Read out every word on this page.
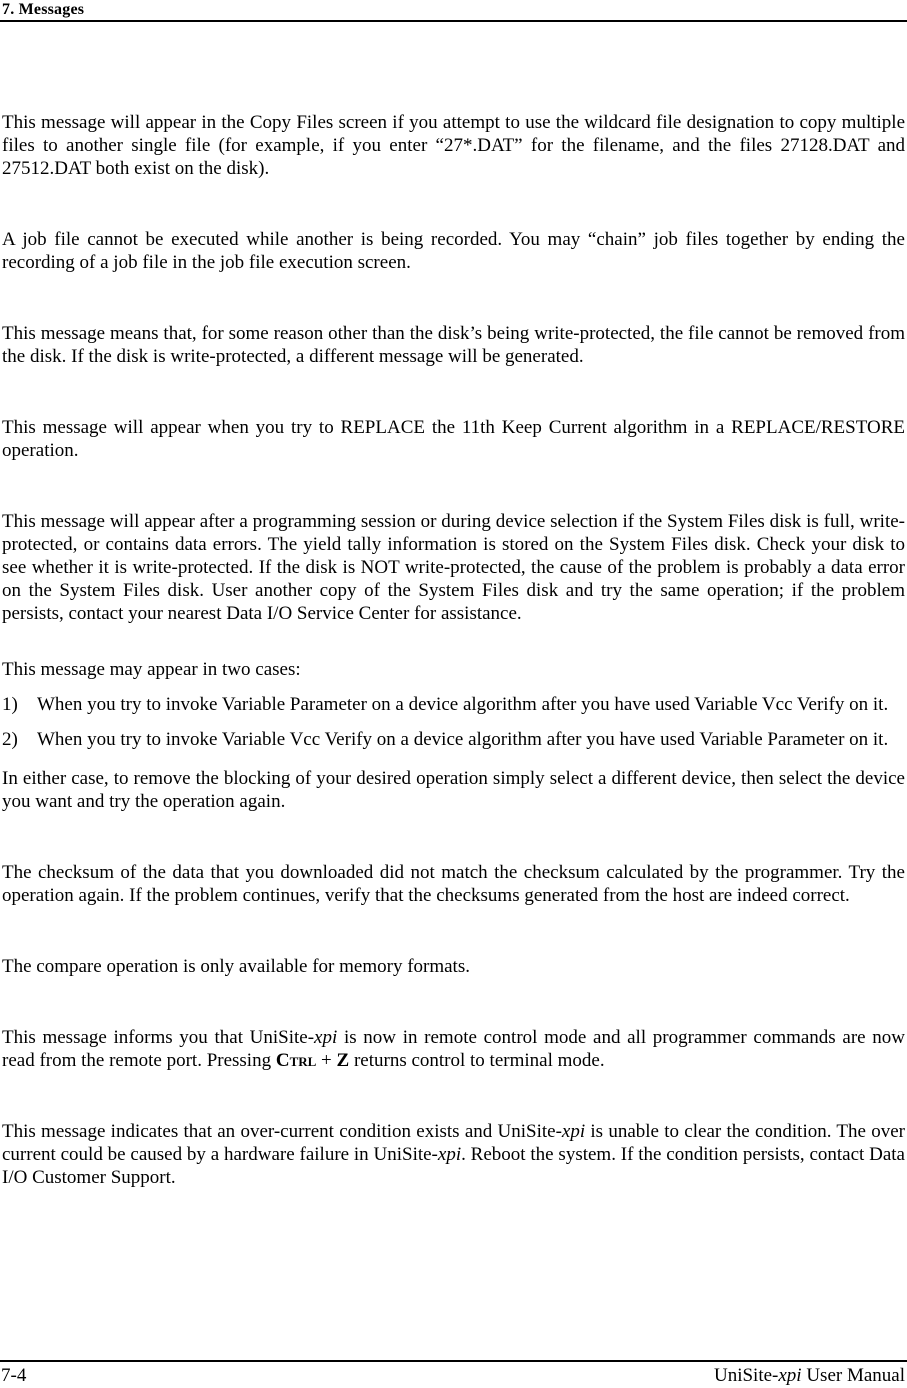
7. Messages
This message will appear in the Copy Files screen if you attempt to use the wildcard file designation to copy multiple files to another single file (for example, if you enter “27*.DAT” for the filename, and the files 27128.DAT and 27512.DAT both exist on the disk).
A job file cannot be executed while another is being recorded. You may “chain” job files together by ending the recording of a job file in the job file execution screen.
This message means that, for some reason other than the disk’s being write-protected, the file cannot be removed from the disk. If the disk is write-protected, a different message will be generated.
This message will appear when you try to REPLACE the 11th Keep Current algorithm in a REPLACE/RESTORE operation.
This message will appear after a programming session or during device selection if the System Files disk is full, write-protected, or contains data errors. The yield tally information is stored on the System Files disk. Check your disk to see whether it is write-protected. If the disk is NOT write-protected, the cause of the problem is probably a data error on the System Files disk. User another copy of the System Files disk and try the same operation; if the problem persists, contact your nearest Data I/O Service Center for assistance.
This message may appear in two cases:
1) When you try to invoke Variable Parameter on a device algorithm after you have used Variable Vcc Verify on it.
2) When you try to invoke Variable Vcc Verify on a device algorithm after you have used Variable Parameter on it.
In either case, to remove the blocking of your desired operation simply select a different device, then select the device you want and try the operation again.
The checksum of the data that you downloaded did not match the checksum calculated by the programmer. Try the operation again. If the problem continues, verify that the checksums generated from the host are indeed correct.
The compare operation is only available for memory formats.
This message informs you that UniSite-xpi is now in remote control mode and all programmer commands are now read from the remote port. Pressing Ctrl + Z returns control to terminal mode.
This message indicates that an over-current condition exists and UniSite-xpi is unable to clear the condition. The over current could be caused by a hardware failure in UniSite-xpi. Reboot the system. If the condition persists, contact Data I/O Customer Support.
7-4	UniSite-xpi User Manual
